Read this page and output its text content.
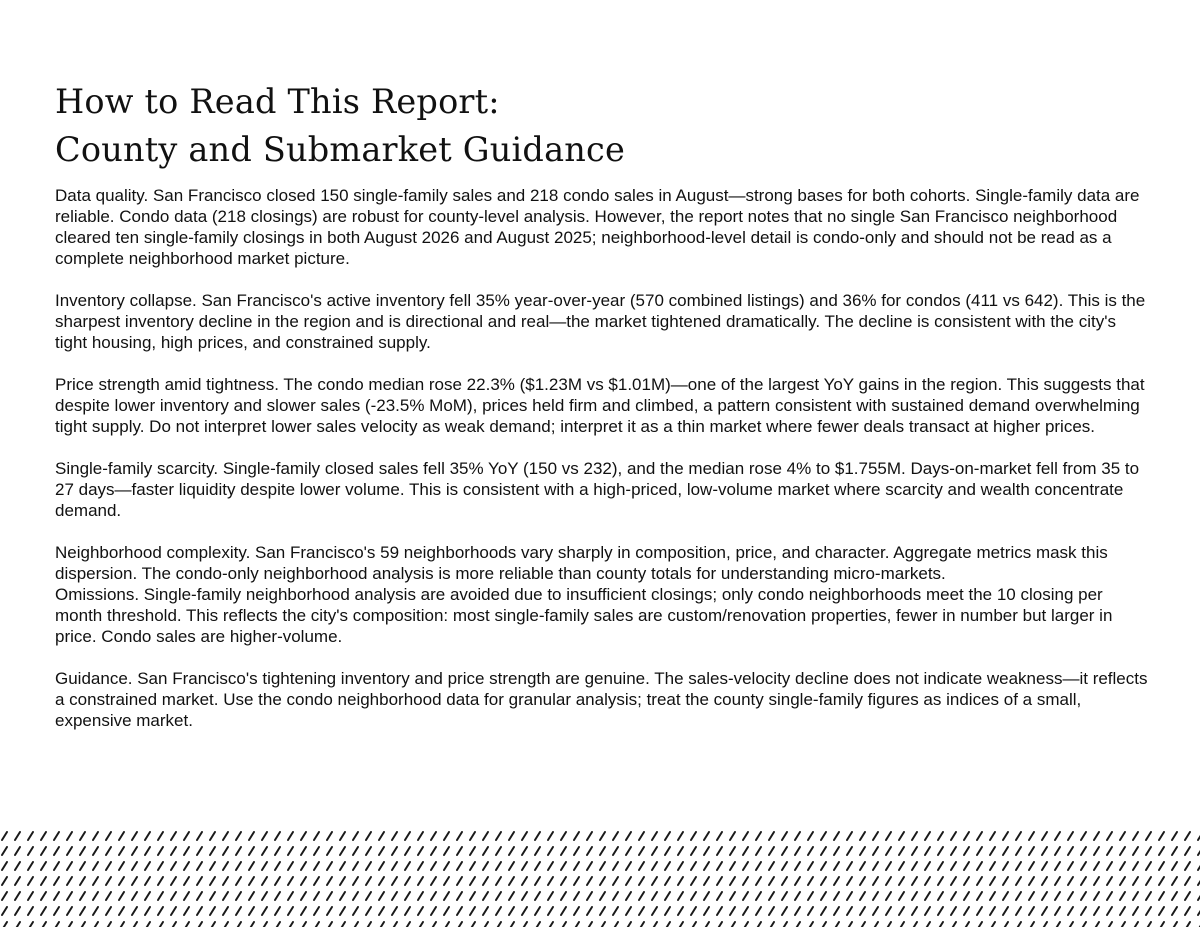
How to Read This Report:
County and Submarket Guidance

Data quality. San Francisco closed 150 single-family sales and 218 condo sales in August—strong bases for both cohorts. Single-family data are reliable. Condo data (218 closings) are robust for county-level analysis. However, the report notes that no single San Francisco neighborhood cleared ten single-family closings in both August 2026 and August 2025; neighborhood-level detail is condo-only and should not be read as a complete neighborhood market picture.

Inventory collapse. San Francisco's active inventory fell 35% year-over-year (570 combined listings) and 36% for condos (411 vs 642). This is the sharpest inventory decline in the region and is directional and real—the market tightened dramatically. The decline is consistent with the city's tight housing, high prices, and constrained supply.

Price strength amid tightness. The condo median rose 22.3% ($1.23M vs $1.01M)—one of the largest YoY gains in the region. This suggests that despite lower inventory and slower sales (-23.5% MoM), prices held firm and climbed, a pattern consistent with sustained demand overwhelming tight supply. Do not interpret lower sales velocity as weak demand; interpret it as a thin market where fewer deals transact at higher prices.

Single-family scarcity. Single-family closed sales fell 35% YoY (150 vs 232), and the median rose 4% to $1.755M. Days-on-market fell from 35 to 27 days—faster liquidity despite lower volume. This is consistent with a high-priced, low-volume market where scarcity and wealth concentrate demand.

Neighborhood complexity. San Francisco's 59 neighborhoods vary sharply in composition, price, and character. Aggregate metrics mask this dispersion. The condo-only neighborhood analysis is more reliable than county totals for understanding micro-markets.

Omissions. Single-family neighborhood analysis are avoided due to insufficient closings; only condo neighborhoods meet the 10 closing per month threshold. This reflects the city's composition: most single-family sales are custom/renovation properties, fewer in number but larger in price. Condo sales are higher-volume.

Guidance. San Francisco's tightening inventory and price strength are genuine. The sales-velocity decline does not indicate weakness—it reflects a constrained market. Use the condo neighborhood data for granular analysis; treat the county single-family figures as indices of a small, expensive market.
